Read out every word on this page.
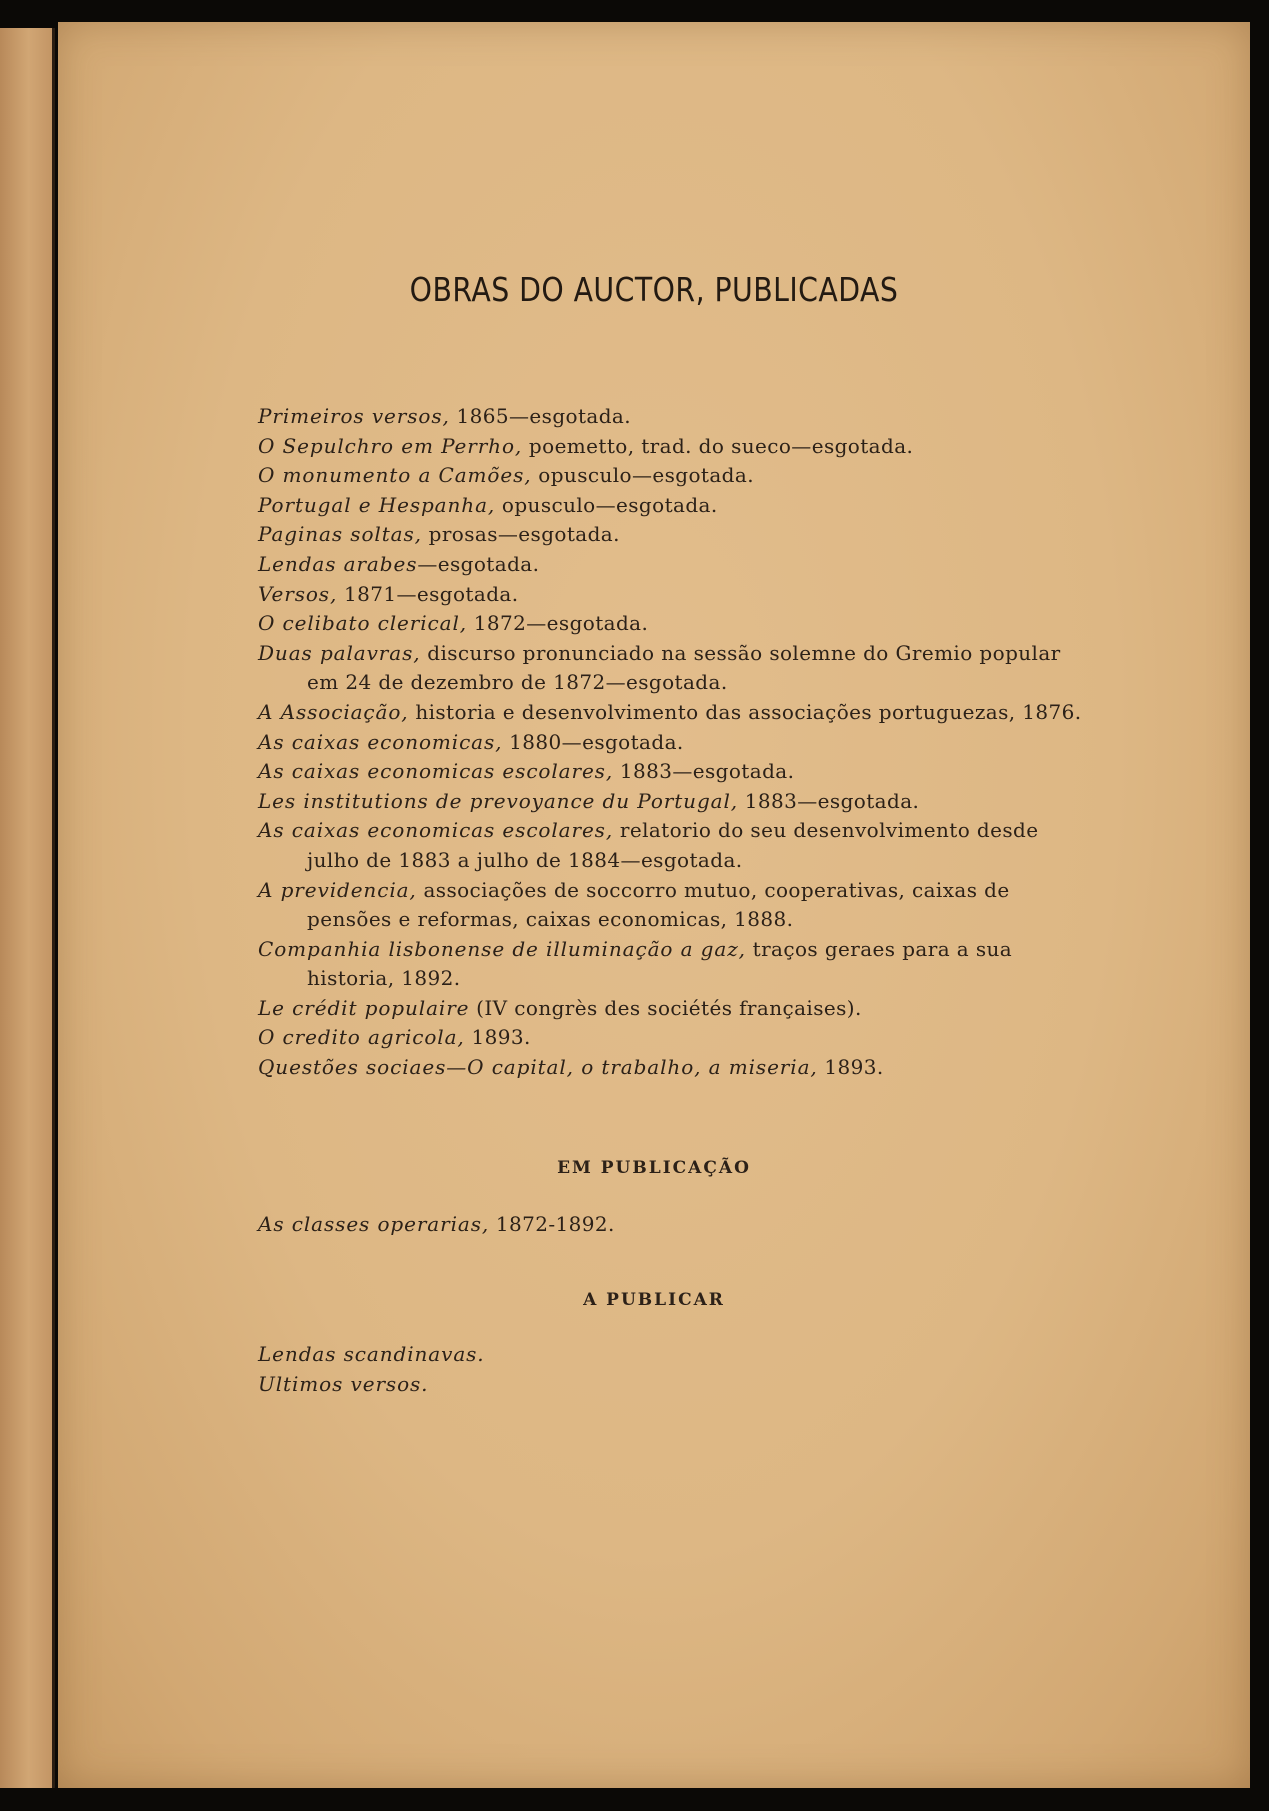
OBRAS DO AUCTOR, PUBLICADAS
Primeiros versos, 1865—esgotada.
O Sepulchro em Perrho, poemetto, trad. do sueco—esgotada.
O monumento a Camões, opusculo—esgotada.
Portugal e Hespanha, opusculo—esgotada.
Paginas soltas, prosas—esgotada.
Lendas arabes—esgotada.
Versos, 1871—esgotada.
O celibato clerical, 1872—esgotada.
Duas palavras, discurso pronunciado na sessão solemne do Gremio popular em 24 de dezembro de 1872—esgotada.
A Associação, historia e desenvolvimento das associações portuguezas, 1876.
As caixas economicas, 1880—esgotada.
As caixas economicas escolares, 1883—esgotada.
Les institutions de prevoyance du Portugal, 1883—esgotada.
As caixas economicas escolares, relatorio do seu desenvolvimento desde julho de 1883 a julho de 1884—esgotada.
A previdencia, associações de soccorro mutuo, cooperativas, caixas de pensões e reformas, caixas economicas, 1888.
Companhia lisbonense de illuminação a gaz, traços geraes para a sua historia, 1892.
Le crédit populaire (IV congrès des sociétés françaises).
O credito agricola, 1893.
Questões sociaes—O capital, o trabalho, a miseria, 1893.
EM PUBLICAÇÃO
As classes operarias, 1872-1892.
A PUBLICAR
Lendas scandinavas.
Ultimos versos.
